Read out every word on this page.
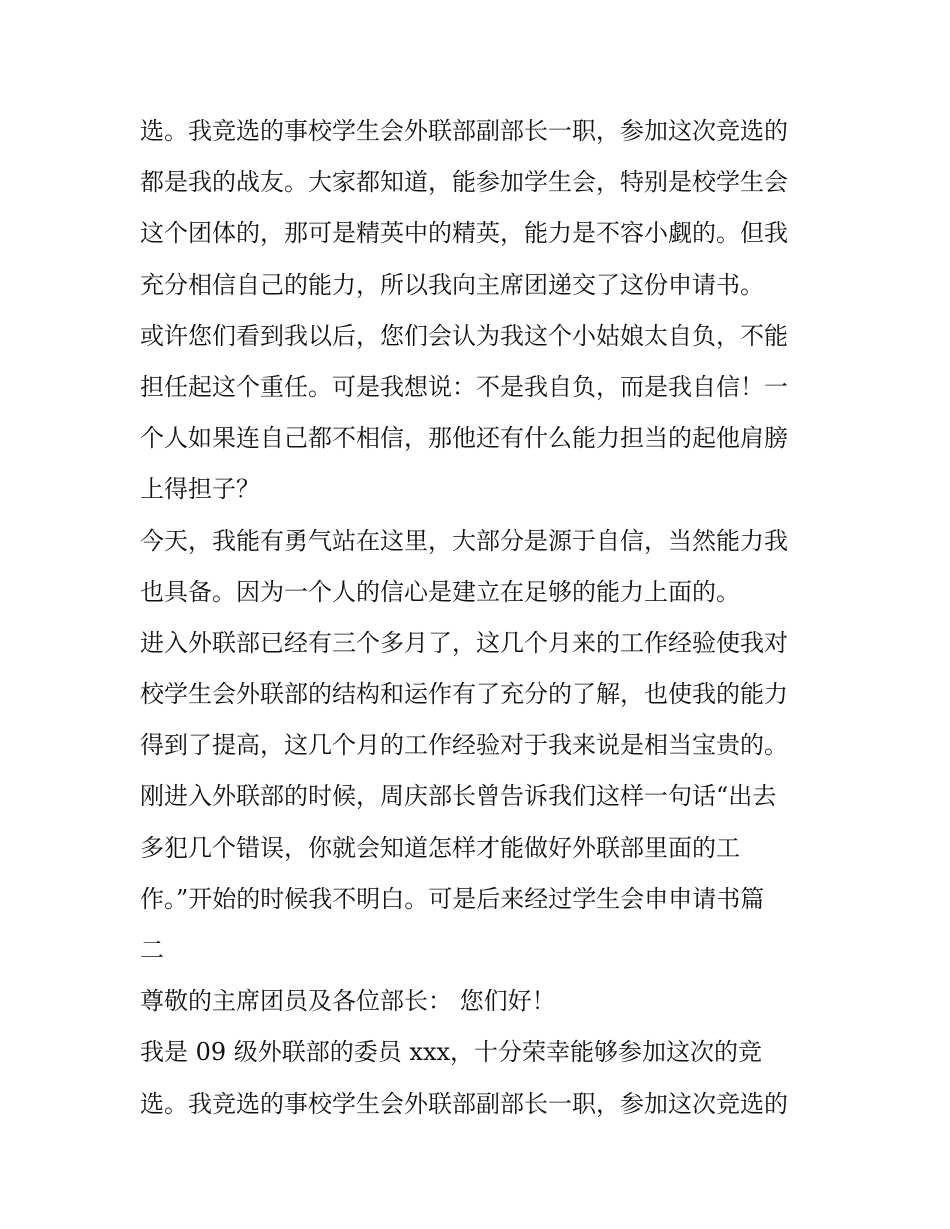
选。我竞选的事校学生会外联部副部长一职，参加这次竞选的
都是我的战友。大家都知道，能参加学生会，特别是校学生会
这个团体的，那可是精英中的精英，能力是不容小觑的。但我
充分相信自己的能力，所以我向主席团递交了这份申请书。
或许您们看到我以后，您们会认为我这个小姑娘太自负，不能
担任起这个重任。可是我想说：不是我自负，而是我自信！一
个人如果连自己都不相信，那他还有什么能力担当的起他肩膀
上得担子？
今天，我能有勇气站在这里，大部分是源于自信，当然能力我
也具备。因为一个人的信心是建立在足够的能力上面的。
进入外联部已经有三个多月了，这几个月来的工作经验使我对
校学生会外联部的结构和运作有了充分的了解，也使我的能力
得到了提高，这几个月的工作经验对于我来说是相当宝贵的。
刚进入外联部的时候，周庆部长曾告诉我们这样一句话“出去
多犯几个错误，你就会知道怎样才能做好外联部里面的工
作。”开始的时候我不明白。可是后来经过学生会申申请书篇
二
尊敬的主席团员及各位部长： 您们好！
我是 09 级外联部的委员 xxx，十分荣幸能够参加这次的竞
选。我竞选的事校学生会外联部副部长一职，参加这次竞选的
